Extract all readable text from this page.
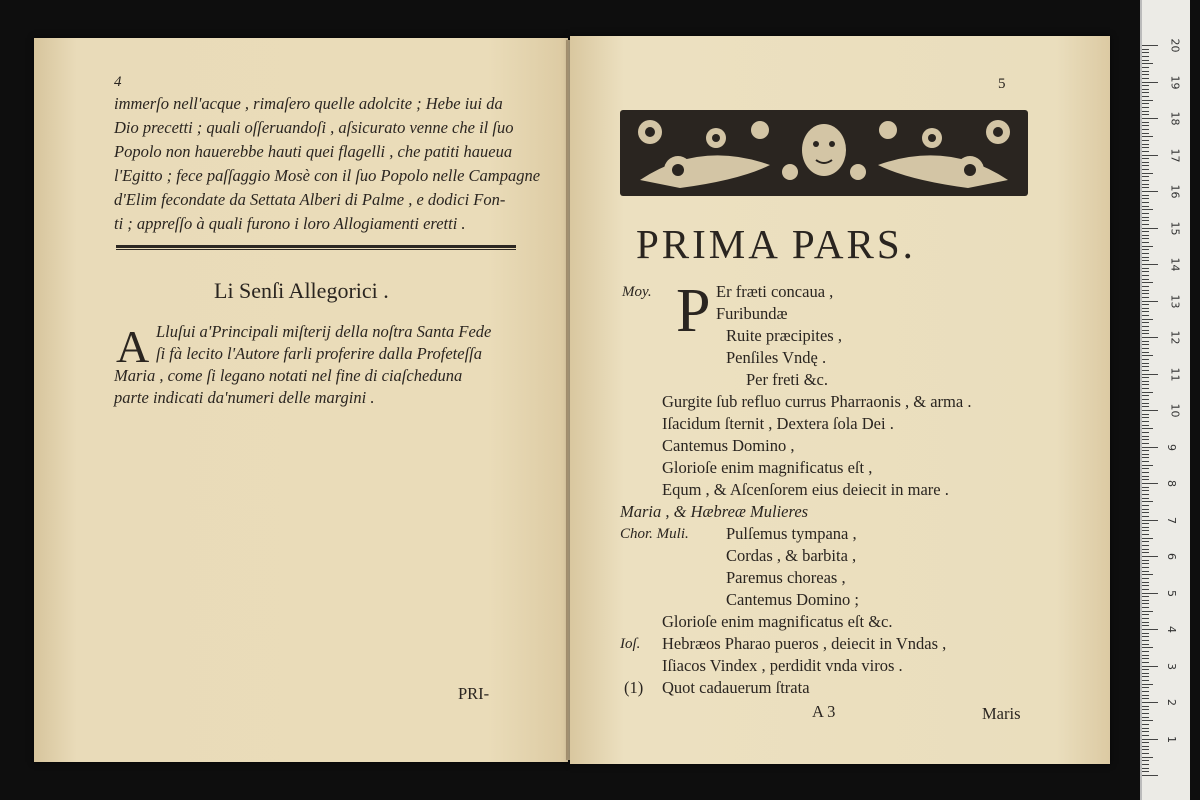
4
immerſo nell'acque , rimaſero quelle adolcite ; Hebe iui da
Dio precetti ; quali oſſeruandoſi , aſsicurato venne che il ſuo
Popolo non hauerebbe hauti quei flagelli , che patiti haueua
l'Egitto ; fece paſſaggio Mosè con il ſuo Popolo nelle Campagne
d'Elim fecondate da Settata Alberi di Palme , e dodici Fon-
ti ; appreſſo à quali furono i loro Allogiamenti eretti .
Li Senſi Allegorici .
A Lluſui a'Principali miſterij della noſtra Santa Fede
ſi fà lecito l'Autore farli proferire dalla Profeteſſa
Maria , come ſi legano notati nel fine di ciaſcheduna
parte indicati da'numeri delle margini .
PRI-
5
PRIMA PARS.
Moy. P Er fræti concaua ,
Furibundæ
Ruite præcipites ,
Penſiles Vndę .
Per freti &c.
Gurgite ſub refluo currus Pharraonis , & arma .
Iſacidum ſternit , Dextera ſola Dei .
Cantemus Domino ,
Glorioſe enim magnificatus eſt ,
Equm , & Aſcenſorem eius deiecit in mare .
Maria , & Hæbreæ Mulieres
Chor. Muli. Pulſemus tympana ,
Cordas , & barbita ,
Paremus choreas ,
Cantemus Domino ;
Glorioſe enim magnificatus eſt &c.
Ioſ. Hebræos Pharao pueros , deiecit in Vndas ,
Iſiacos Vindex , perdidit vnda viros .
(1) Quot cadauerum ſtrata
A 3	Maris
1
2
3
4
5
6
7
8
9
10
11
12
13
14
15
16
17
18
19
20
